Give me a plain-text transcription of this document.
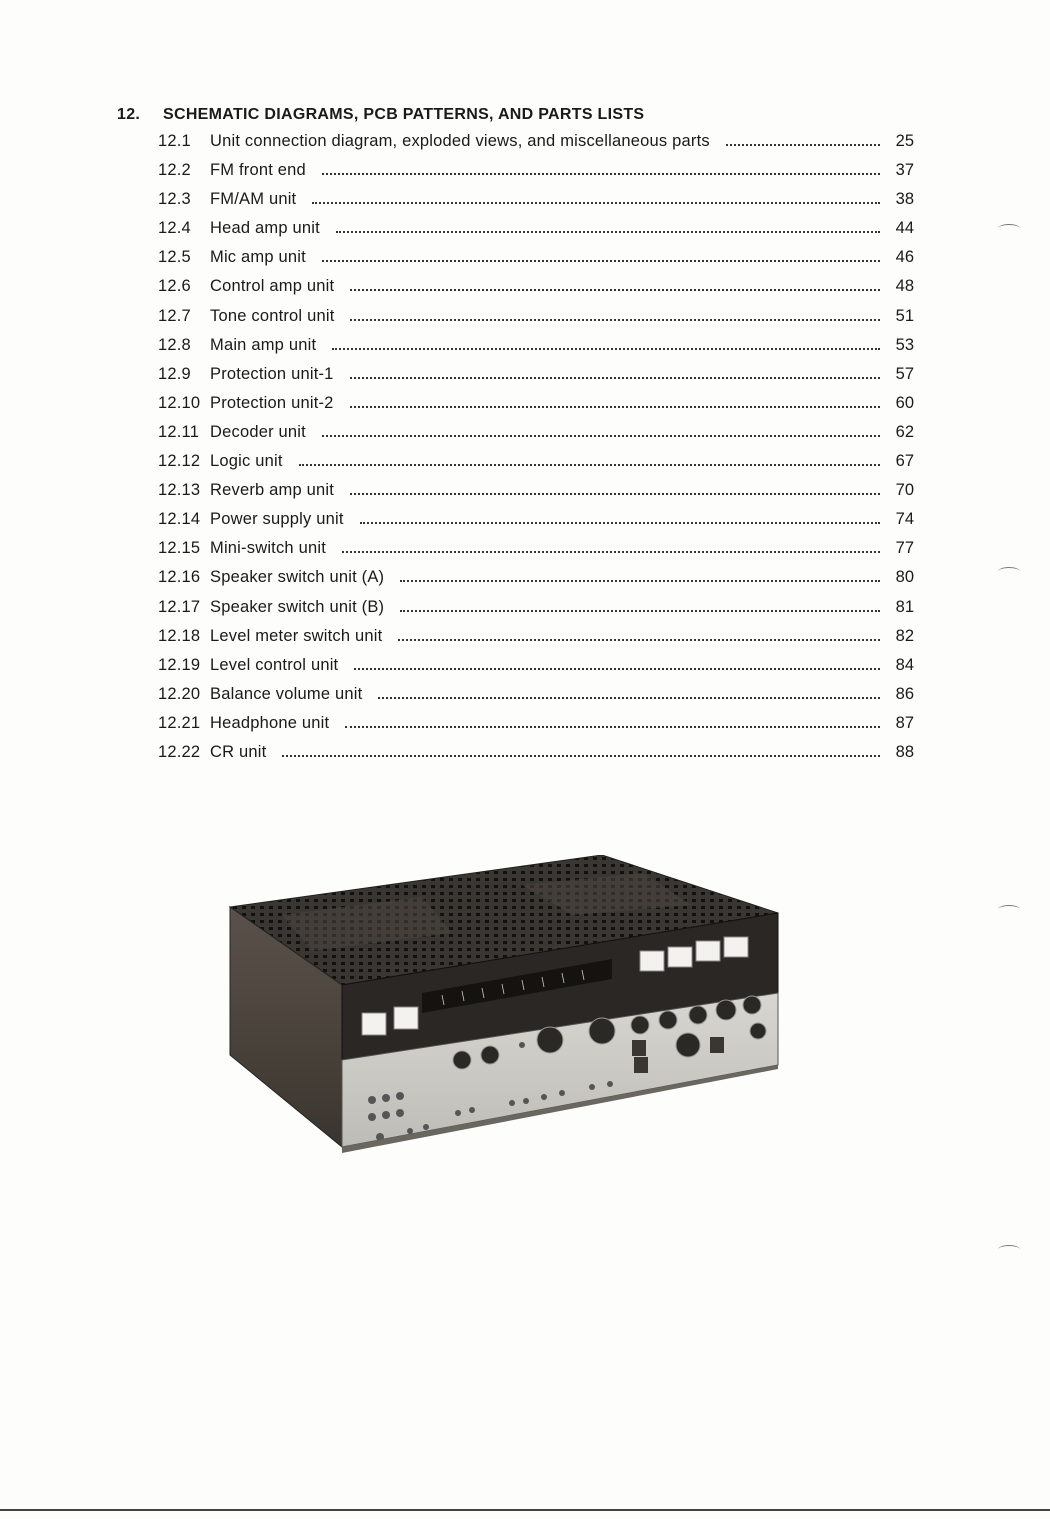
12. SCHEMATIC DIAGRAMS, PCB PATTERNS, AND PARTS LISTS
12.1	Unit connection diagram, exploded views, and miscellaneous parts	25
12.2	FM front end	37
12.3	FM/AM unit	38
12.4	Head amp unit	44
12.5	Mic amp unit	46
12.6	Control amp unit	48
12.7	Tone control unit	51
12.8	Main amp unit	53
12.9	Protection unit-1	57
12.10 Protection unit-2	60
12.11 Decoder unit	62
12.12 Logic unit	67
12.13 Reverb amp unit	70
12.14 Power supply unit	74
12.15 Mini-switch unit	77
12.16 Speaker switch unit (A)	80
12.17 Speaker switch unit (B)	81
12.18 Level meter switch unit	82
12.19 Level control unit	84
12.20 Balance volume unit	86
12.21 Headphone unit	87
12.22 CR unit	88
